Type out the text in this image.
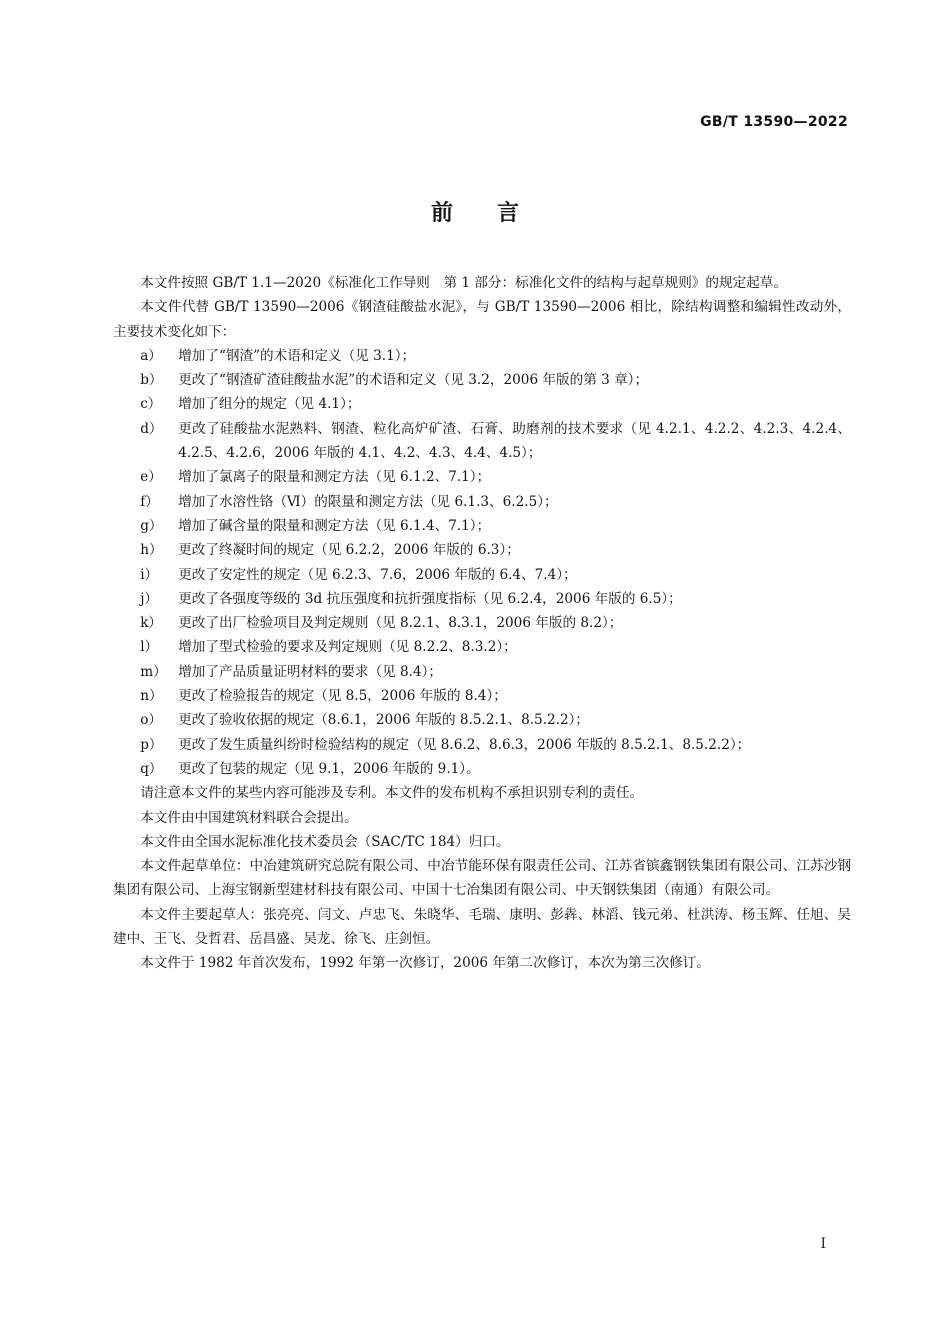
GB/T 13590—2022
前言

本文件按照 GB/T 1.1—2020《标准化工作导则　第 1 部分：标准化文件的结构与起草规则》的规定起草。

本文件代替 GB/T 13590—2006《钢渣硅酸盐水泥》，与 GB/T 13590—2006 相比，除结构调整和编辑性改动外，主要技术变化如下：

a）	增加了“钢渣”的术语和定义（见 3.1）；
b）	更改了“钢渣矿渣硅酸盐水泥”的术语和定义（见 3.2，2006 年版的第 3 章）；
c）	增加了组分的规定（见 4.1）；
d）	更改了硅酸盐水泥熟料、钢渣、粒化高炉矿渣、石膏、助磨剂的技术要求（见 4.2.1、4.2.2、4.2.3、4.2.4、4.2.5、4.2.6，2006 年版的 4.1、4.2、4.3、4.4、4.5）；
e）	增加了氯离子的限量和测定方法（见 6.1.2、7.1）；
f）	增加了水溶性铬（Ⅵ）的限量和测定方法（见 6.1.3、6.2.5）；
g）	增加了碱含量的限量和测定方法（见 6.1.4、7.1）；
h）	更改了终凝时间的规定（见 6.2.2，2006 年版的 6.3）；
i）	更改了安定性的规定（见 6.2.3、7.6，2006 年版的 6.4、7.4）；
j）	更改了各强度等级的 3d 抗压强度和抗折强度指标（见 6.2.4，2006 年版的 6.5）；
k）	更改了出厂检验项目及判定规则（见 8.2.1、8.3.1，2006 年版的 8.2）；
l）	增加了型式检验的要求及判定规则（见 8.2.2、8.3.2）；
m） 增加了产品质量证明材料的要求（见 8.4）；
n）	更改了检验报告的规定（见 8.5，2006 年版的 8.4）；
o）	更改了验收依据的规定（8.6.1，2006 年版的 8.5.2.1、8.5.2.2）；
p）	更改了发生质量纠纷时检验结构的规定（见 8.6.2、8.6.3，2006 年版的 8.5.2.1、8.5.2.2）；
q）	更改了包装的规定（见 9.1，2006 年版的 9.1）。

请注意本文件的某些内容可能涉及专利。本文件的发布机构不承担识别专利的责任。

本文件由中国建筑材料联合会提出。

本文件由全国水泥标准化技术委员会（SAC/TC 184）归口。

本文件起草单位：中冶建筑研究总院有限公司、中冶节能环保有限责任公司、江苏省镔鑫钢铁集团有限公司、江苏沙钢集团有限公司、上海宝钢新型建材科技有限公司、中国十七冶集团有限公司、中天钢铁集团（南通）有限公司。

本文件主要起草人：张亮亮、闫文、卢忠飞、朱晓华、毛瑞、康明、彭犇、林滔、钱元弟、杜洪涛、杨玉辉、任旭、吴建中、王飞、殳哲君、岳昌盛、吴龙、徐飞、庄剑恒。

本文件于 1982 年首次发布，1992 年第一次修订，2006 年第二次修订，本次为第三次修订。

Ⅰ
